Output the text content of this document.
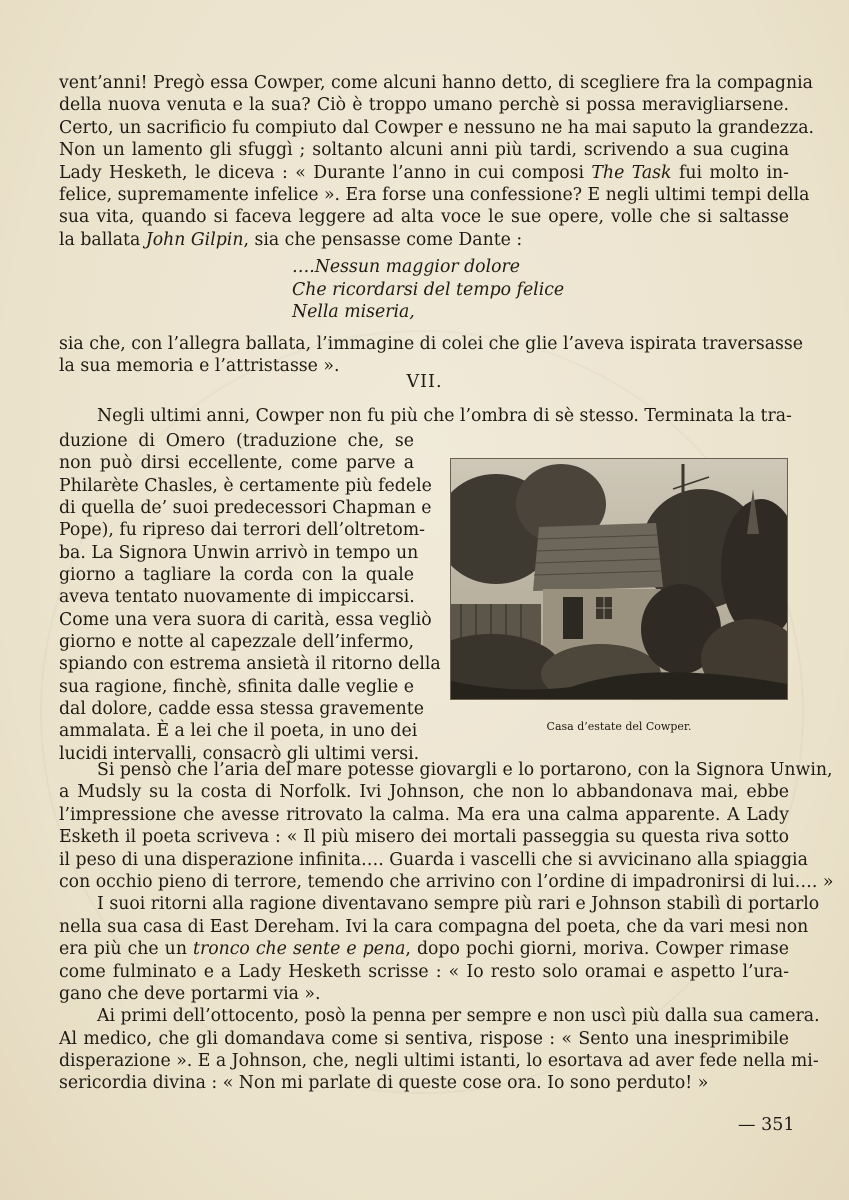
vent’anni! Pregò essa Cowper, come alcuni hanno detto, di scegliere fra la compagnia
della nuova venuta e la sua? Ciò è troppo umano perchè si possa meravigliarsene.
Certo, un sacrificio fu compiuto dal Cowper e nessuno ne ha mai saputo la grandezza.
Non un lamento gli sfuggì ; soltanto alcuni anni più tardi, scrivendo a sua cugina
Lady Hesketh, le diceva : « Durante l’anno in cui composi The Task fui molto in-
felice, supremamente infelice ». Era forse una confessione? E negli ultimi tempi della
sua vita, quando si faceva leggere ad alta voce le sue opere, volle che si saltasse
la ballata John Gilpin, sia che pensasse come Dante :
….Nessun maggior dolore
Che ricordarsi del tempo felice
Nella miseria,
sia che, con l’allegra ballata, l’immagine di colei che glie l’aveva ispirata traversasse
la sua memoria e l’attristasse ».
VII.
Negli ultimi anni, Cowper non fu più che l’ombra di sè stesso. Terminata la tra-
duzione di Omero (traduzione che, se
non può dirsi eccellente, come parve a
Philarète Chasles, è certamente più fedele
di quella de’ suoi predecessori Chapman e
Pope), fu ripreso dai terrori dell’oltretom-
ba. La Signora Unwin arrivò in tempo un
giorno a tagliare la corda con la quale
aveva tentato nuovamente di impiccarsi.
Come una vera suora di carità, essa vegliò
giorno e notte al capezzale dell’infermo,
spiando con estrema ansietà il ritorno della
sua ragione, finchè, sfinita dalle veglie e
dal dolore, cadde essa stessa gravemente
ammalata. È a lei che il poeta, in uno dei
lucidi intervalli, consacrò gli ultimi versi.
Casa d’estate del Cowper.
Si pensò che l’aria del mare potesse giovargli e lo portarono, con la Signora Unwin,
a Mudsly su la costa di Norfolk. Ivi Johnson, che non lo abbandonava mai, ebbe
l’impressione che avesse ritrovato la calma. Ma era una calma apparente. A Lady
Esketh il poeta scriveva : « Il più misero dei mortali passeggia su questa riva sotto
il peso di una disperazione infinita…. Guarda i vascelli che si avvicinano alla spiaggia
con occhio pieno di terrore, temendo che arrivino con l’ordine di impadronirsi di lui…. »
I suoi ritorni alla ragione diventavano sempre più rari e Johnson stabilì di portarlo
nella sua casa di East Dereham. Ivi la cara compagna del poeta, che da vari mesi non
era più che un tronco che sente e pena, dopo pochi giorni, moriva. Cowper rimase
come fulminato e a Lady Hesketh scrisse : « Io resto solo oramai e aspetto l’ura-
gano che deve portarmi via ».
Ai primi dell’ottocento, posò la penna per sempre e non uscì più dalla sua camera.
Al medico, che gli domandava come si sentiva, rispose : « Sento una inesprimibile
disperazione ». E a Johnson, che, negli ultimi istanti, lo esortava ad aver fede nella mi-
sericordia divina : « Non mi parlate di queste cose ora. Io sono perduto! »
— 351
